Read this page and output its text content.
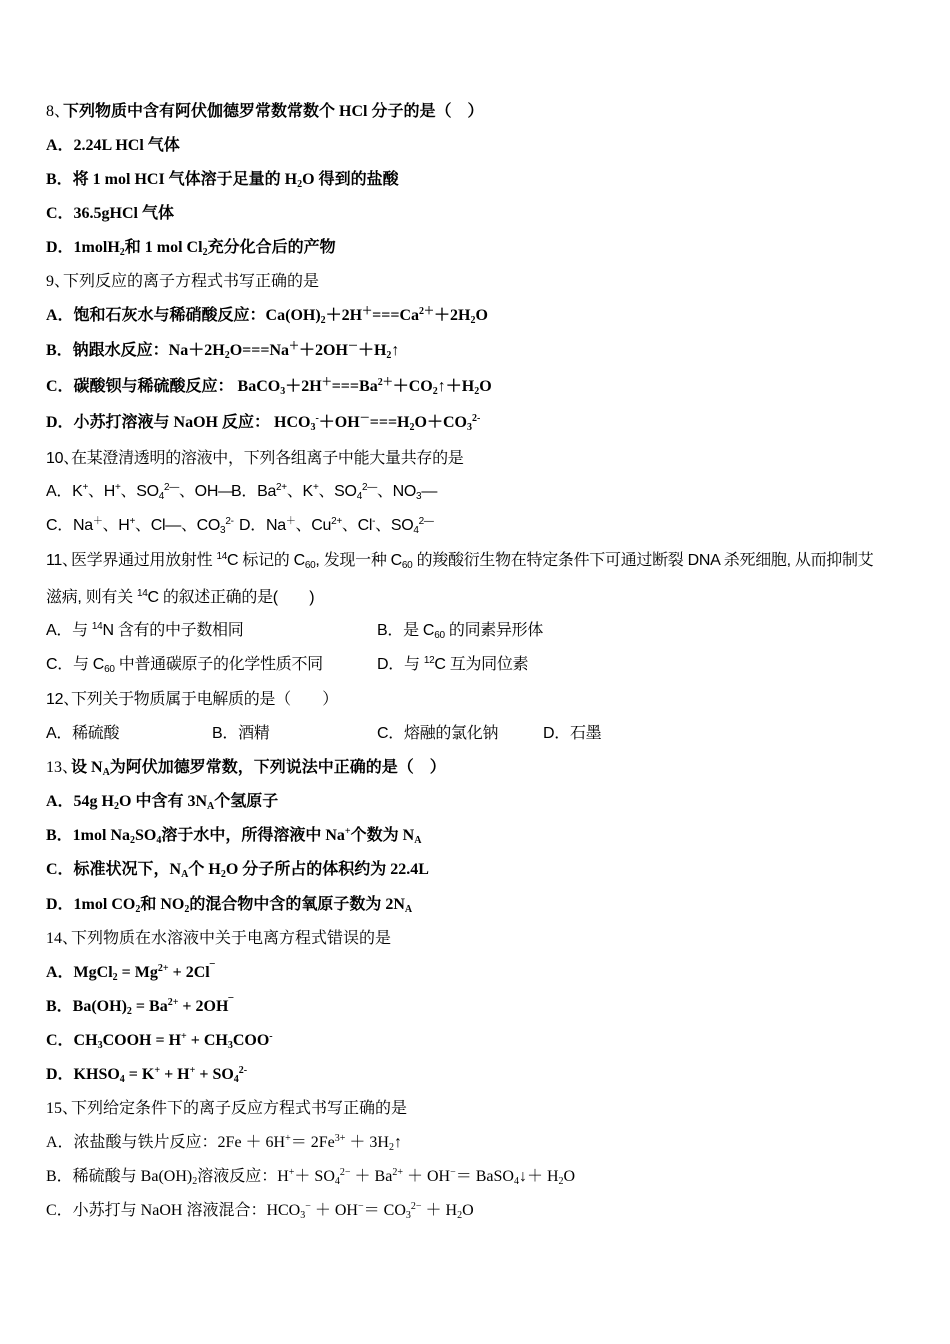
8、
下列物质中含有阿伏伽德罗常数常数个 HCl 分子的是（　）
A．2.24L HCl 气体
B．将 1 mol HCI 气体溶于足量的 $H_2O$ 得到的盐酸
C．36.5gHCl 气体
D．1molH$_2$和 1 mol $Cl_2$充分化合后的产物
9、
下列反应的离子方程式书写正确的是
A．饱和石灰水与稀硝酸反应：$Ca(OH)_2+2H^+===Ca^{2+}+2H_2O$
B．钠跟水反应：$Na+2H_2O===Na^++2OH^-+H_2↑$
C．碳酸钡与稀硫酸反应： $BaCO_3+2H^+===Ba^{2+}+CO_2↑+H_2O$
D．小苏打溶液与 NaOH 反应： $HCO_3^-+OH^-===H_2O+CO_3^{2-}$
10、
在某澄清透明的溶液中，下列各组离子中能大量共存的是
A．K+、H+、$SO_4^{2—}$、OH—
B．$Ba^{2+}$、K+、$SO_4^{2—}$、$NO_3—$
C．Na＋、H+、Cl—、$CO_3^{2-}$ D．Na＋、$Cu^{2+}$、Cl-、$SO_4^{2—}$
11、
医学界通过用放射性 $^{14}$C 标记的 $C_{60}$, 发现一种 $C_{60}$ 的羧酸衍生物在特定条件下可通过断裂 DNA 杀死细胞, 从而抑制艾
滋病, 则有关 $^{14}$C 的叙述正确的是(　　)
A．与 $^{14}$N 含有的中子数相同	B．是 $C_{60}$ 的同素异形体
C．与 $C_{60}$ 中普通碳原子的化学性质不同	D．与 $^{12}$C 互为同位素
12、
下列关于物质属于电解质的是（　　）
A．稀硫酸	B．酒精	C．熔融的氯化钠	D．石墨
13、
设 $N_A$为阿伏加德罗常数，下列说法中正确的是（　）
A．54g $H_2O$ 中含有 $3N_A$个氢原子
B．1mol $Na_2SO_4$溶于水中，所得溶液中 Na+个数为 $N_A$
C．标准状况下，$N_A$个 $H_2O$ 分子所占的体积约为 22.4L
D．1mol $CO_2$和 $NO_2$的混合物中含的氧原子数为 $2N_A$
14、
下列物质在水溶液中关于电离方程式错误的是
A．MgCl$_2$ = $Mg^{2+} + 2Cl^¯$
B．$Ba(OH)_2 = Ba^{2+} + 2OH^¯$
C．$CH_3COOH = H^+ + CH_3COO^-$
D．$KHSO_4 = K^+ + H^+ + SO_4^{2-}$
15、
下列给定条件下的离子反应方程式书写正确的是
A．浓盐酸与铁片反应：$2Fe + 6H^+= 2Fe^{3+}$ ＋ $3H_2↑$
B．稀硫酸与 $Ba(OH)_2$溶液反应：$H^++ SO_4^{2-} + Ba^{2+} + OH^-=$ BaSO$_4$↓＋ $H_2O$
C．小苏打与 NaOH 溶液混合：$HCO_3^- + OH^-= CO_3^{2-} + H_2O$
